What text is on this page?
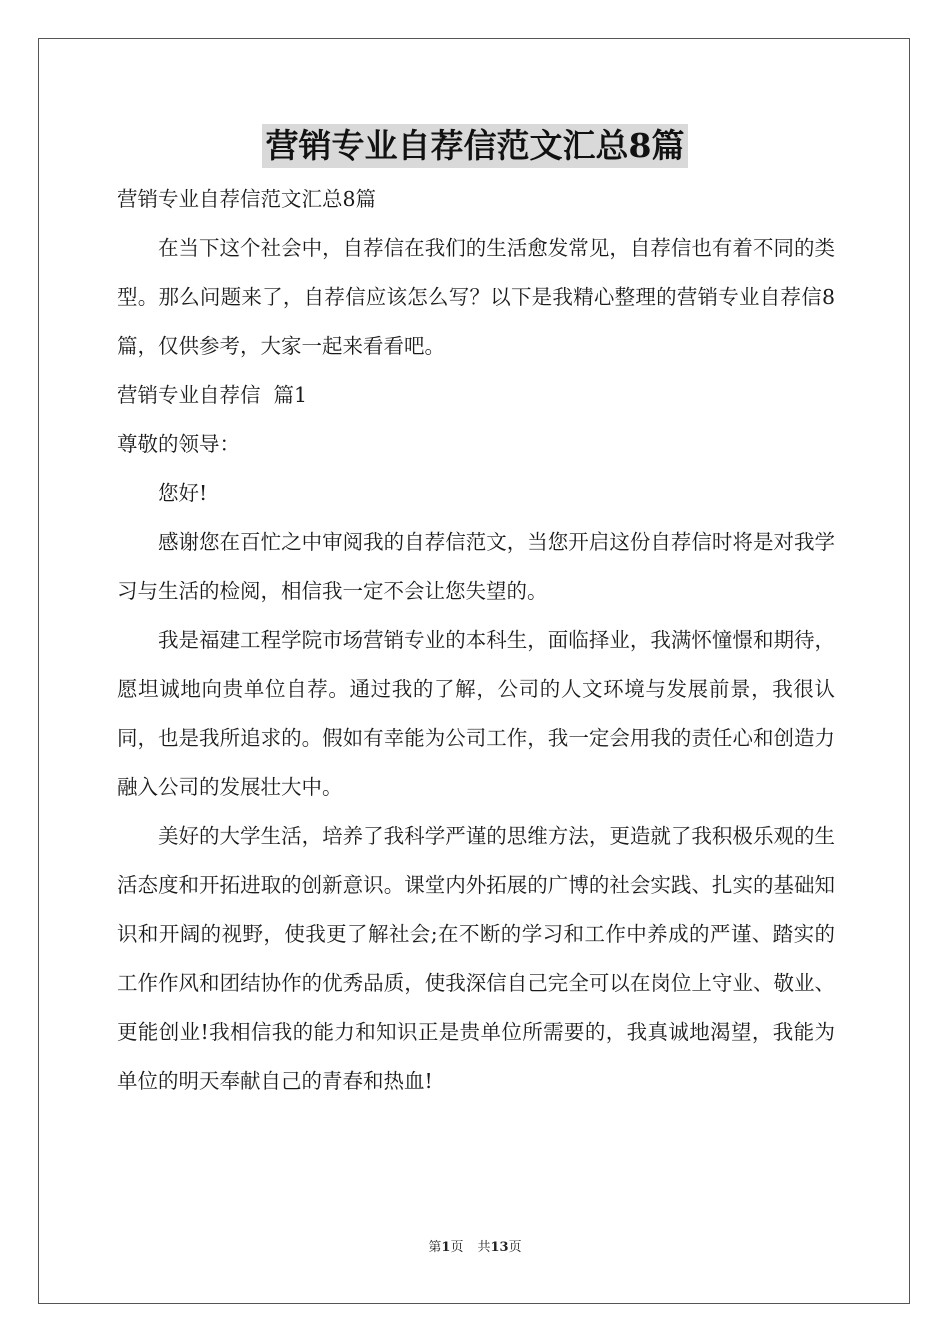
营销专业自荐信范文汇总8篇

营销专业自荐信范文汇总8篇

在当下这个社会中，自荐信在我们的生活愈发常见，自荐信也有着不同的类型。那么问题来了，自荐信应该怎么写？以下是我精心整理的营销专业自荐信8篇，仅供参考，大家一起来看看吧。

营销专业自荐信  篇1

尊敬的领导：

您好!

感谢您在百忙之中审阅我的自荐信范文，当您开启这份自荐信时将是对我学习与生活的检阅，相信我一定不会让您失望的。

我是福建工程学院市场营销专业的本科生，面临择业，我满怀憧憬和期待，愿坦诚地向贵单位自荐。通过我的了解，公司的人文环境与发展前景，我很认同，也是我所追求的。假如有幸能为公司工作，我一定会用我的责任心和创造力融入公司的发展壮大中。

美好的大学生活，培养了我科学严谨的思维方法，更造就了我积极乐观的生活态度和开拓进取的创新意识。课堂内外拓展的广博的社会实践、扎实的基础知识和开阔的视野，使我更了解社会;在不断的学习和工作中养成的严谨、踏实的工作作风和团结协作的优秀品质，使我深信自己完全可以在岗位上守业、敬业、更能创业!我相信我的能力和知识正是贵单位所需要的，我真诚地渴望，我能为单位的明天奉献自己的青春和热血!

第1页 共13页
